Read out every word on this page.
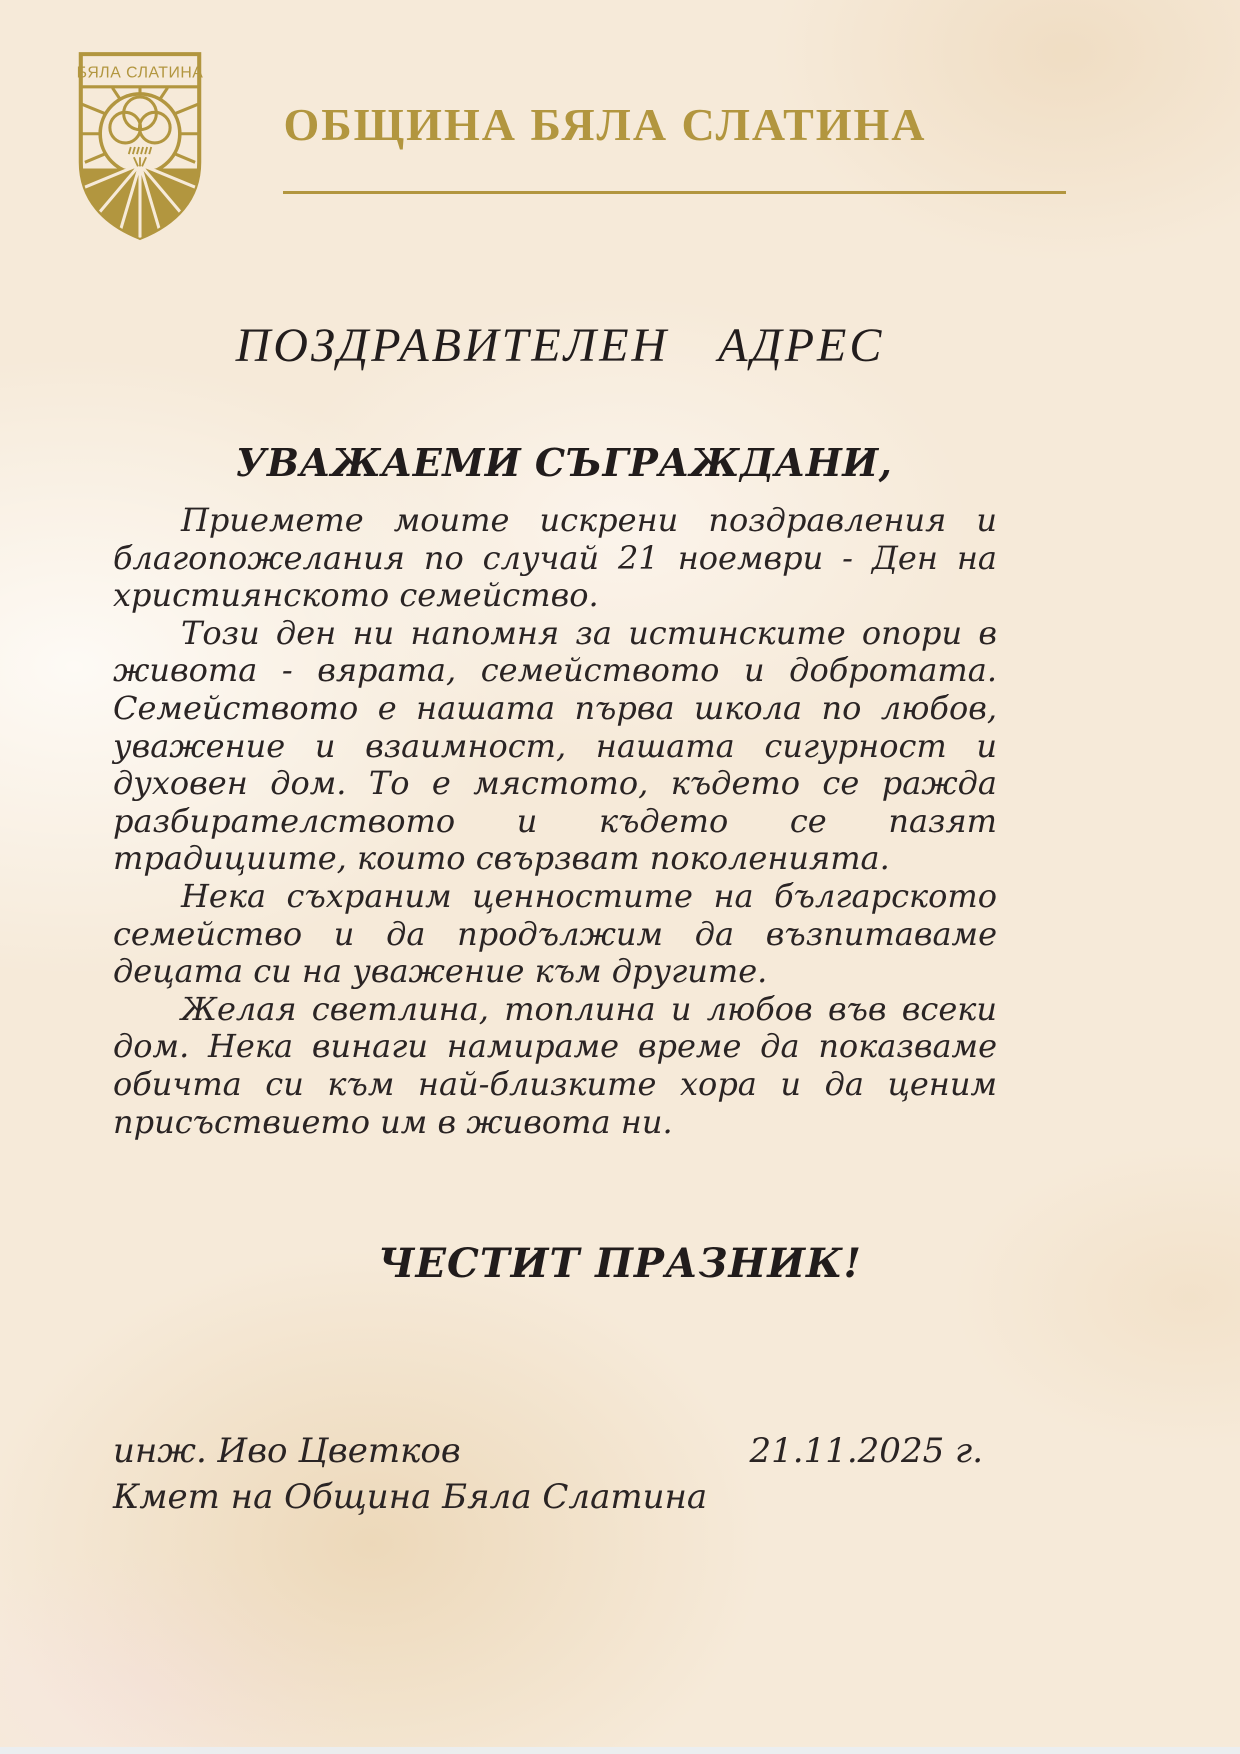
БЯЛА СЛАТИНА
ОБЩИНА БЯЛА СЛАТИНА
ПОЗДРАВИТЕЛЕН АДРЕС
УВАЖАЕМИ СЪГРАЖДАНИ,

Приемете моите искрени поздравления и благопожелания по случай 21 ноември - Ден на християнското семейство.

Този ден ни напомня за истинските опори в живота - вярата, семейството и добротата. Семейството е нашата първа школа по любов, уважение и взаимност, нашата сигурност и духовен дом. То е мястото, където се ражда разбирателството и където се пазят традициите, които свързват поколенията.

Нека съхраним ценностите на българското семейство и да продължим да възпитаваме децата си на уважение към другите.

Желая светлина, топлина и любов във всеки дом. Нека винаги намираме време да показваме обичта си към най-близките хора и да ценим присъствието им в живота ни.

ЧЕСТИТ ПРАЗНИК!
инж. Иво Цветков	21.11.2025 г.
Кмет на Община Бяла Слатина
